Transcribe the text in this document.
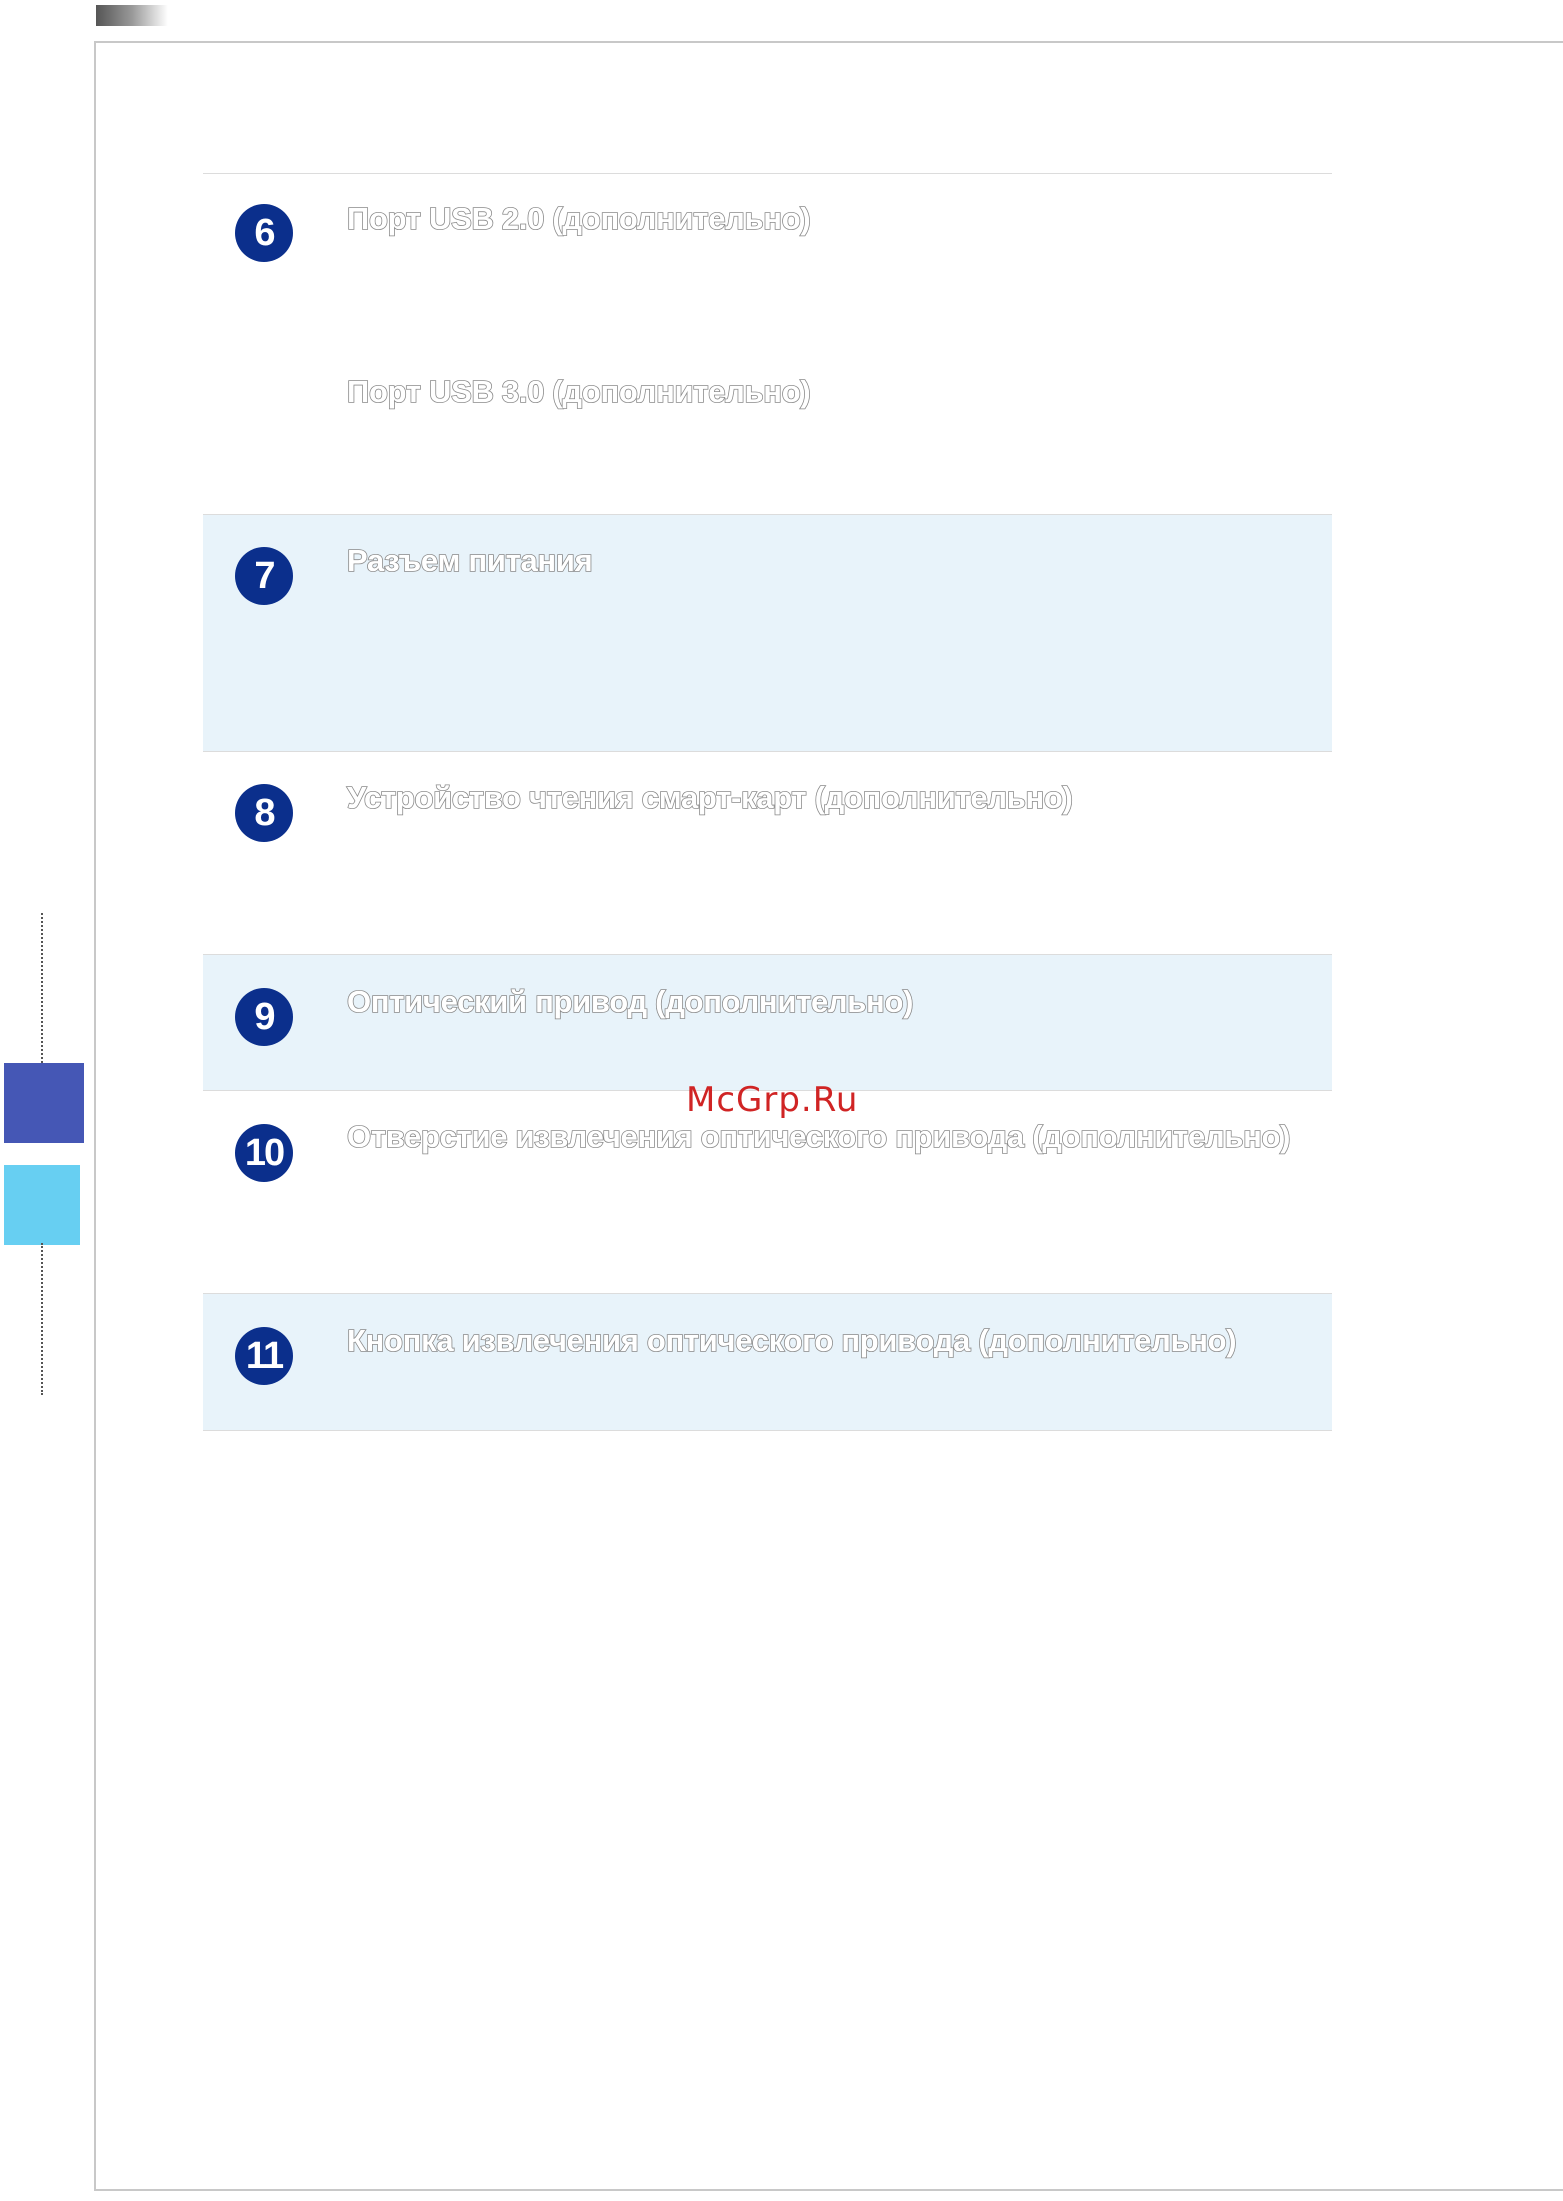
6	Порт USB 2.0 (дополнительно)
Порт USB 3.0 (дополнительно)
7	Разъем питания
8	Устройство чтения смарт-карт (дополнительно)
9	Оптический привод (дополнительно)
10	Отверстие извлечения оптического привода (дополнительно)
11	Кнопка извлечения оптического привода (дополнительно)
McGrp.Ru
